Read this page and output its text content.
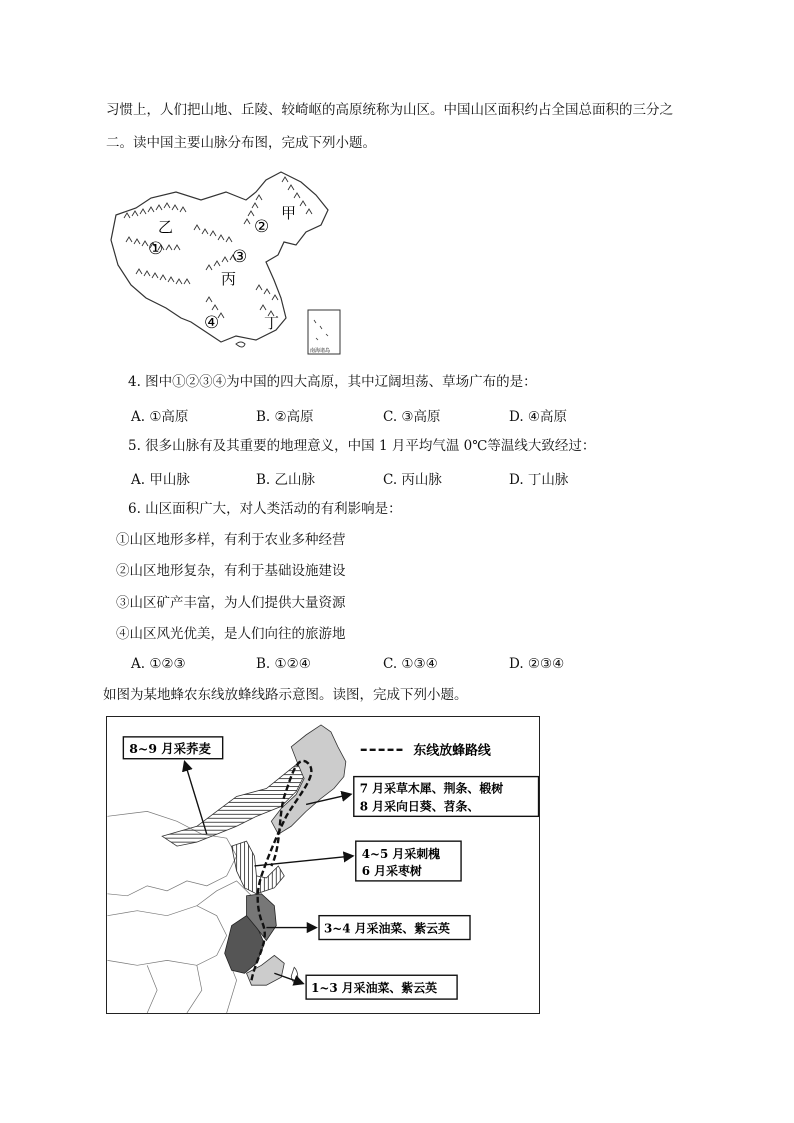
习惯上，人们把山地、丘陵、较崎岖的高原统称为山区。中国山区面积约占全国总面积的三分之
二。读中国主要山脉分布图，完成下列小题。
甲
乙
丙
丁
①
②
③
④
南海诸岛
4. 图中①②③④为中国的四大高原，其中辽阔坦荡、草场广布的是：
A. ①高原	B. ②高原	C. ③高原	D. ④高原
5. 很多山脉有及其重要的地理意义，中国 1 月平均气温 0℃等温线大致经过：
A. 甲山脉	B. 乙山脉	C. 丙山脉	D. 丁山脉
6. 山区面积广大，对人类活动的有利影响是：
①山区地形多样，有利于农业多种经营
②山区地形复杂，有利于基础设施建设
③山区矿产丰富，为人们提供大量资源
④山区风光优美，是人们向往的旅游地
A. ①②③	B. ①②④	C. ①③④	D. ②③④
如图为某地蜂农东线放蜂线路示意图。读图，完成下列小题。
东线放蜂路线
8~9 月采荞麦
7 月采草木犀、荆条、椴树
8 月采向日葵、苕条、
4~5 月采刺槐
6 月采枣树
3~4 月采油菜、紫云英
1~3 月采油菜、紫云英
